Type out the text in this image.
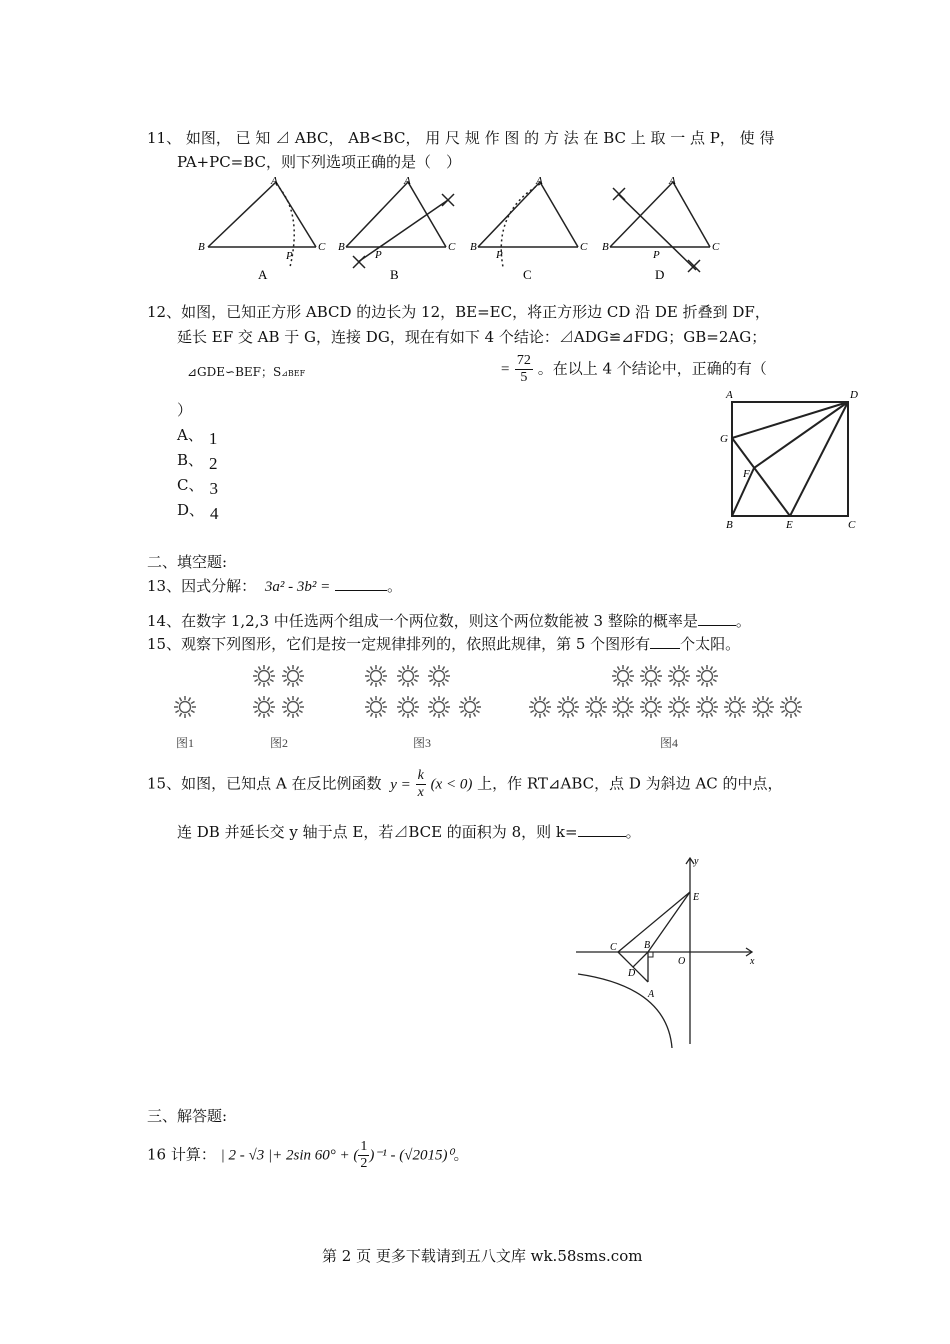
11、 如图， 已 知 ⊿ ABC， AB<BC， 用 尺 规 作 图 的 方 法 在 BC 上 取 一 点 P， 使 得
PA+PC=BC，则下列选项正确的是（　）
B
A
C
P
A
B
A
C
P
B
B
A
C
P
C
B
A
C
P
D
12、如图，已知正方形 ABCD 的边长为 12，BE=EC，将正方形边 CD 沿 DE 折叠到 DF，
延长 EF 交 AB 于 G，连接 DG，现在有如下 4 个结论：⊿ADG≌⊿FDG；GB=2AG；
⊿GDE∽BEF；S⊿BEF	= $\frac{72}{5}$ 。在以上 4 个结论中，正确的有（
）
A、 1
B、 2
C、 3
D、 4
A	D
G
F
B	E	C
二、填空题:
13、因式分解： 3a² - 3b² =	。
14、在数字 1,2,3 中任选两个组成一个两位数，则这个两位数能被 3 整除的概率是	。
15、观察下列图形，它们是按一定规律排列的，依照此规律，第 5 个图形有 个太阳。
图1	图2	图3	图4
15、如图，已知点 A 在反比例函数 $y = \frac{k}{x} (x < 0)$ 上，作 RT⊿ABC，点 D 为斜边 AC 的中点，
连 DB 并延长交 y 轴于点 E，若⊿BCE 的面积为 8，则 k=	。
y
E
B
C
O	x
D
A
三、解答题:
16 计算： | 2 - √3 |+ 2sin 60° + ( $\frac{1}{2} )^{-1} - (√2015)^0$。
第 2 页 更多下载请到五八文库 wk.58sms.com
